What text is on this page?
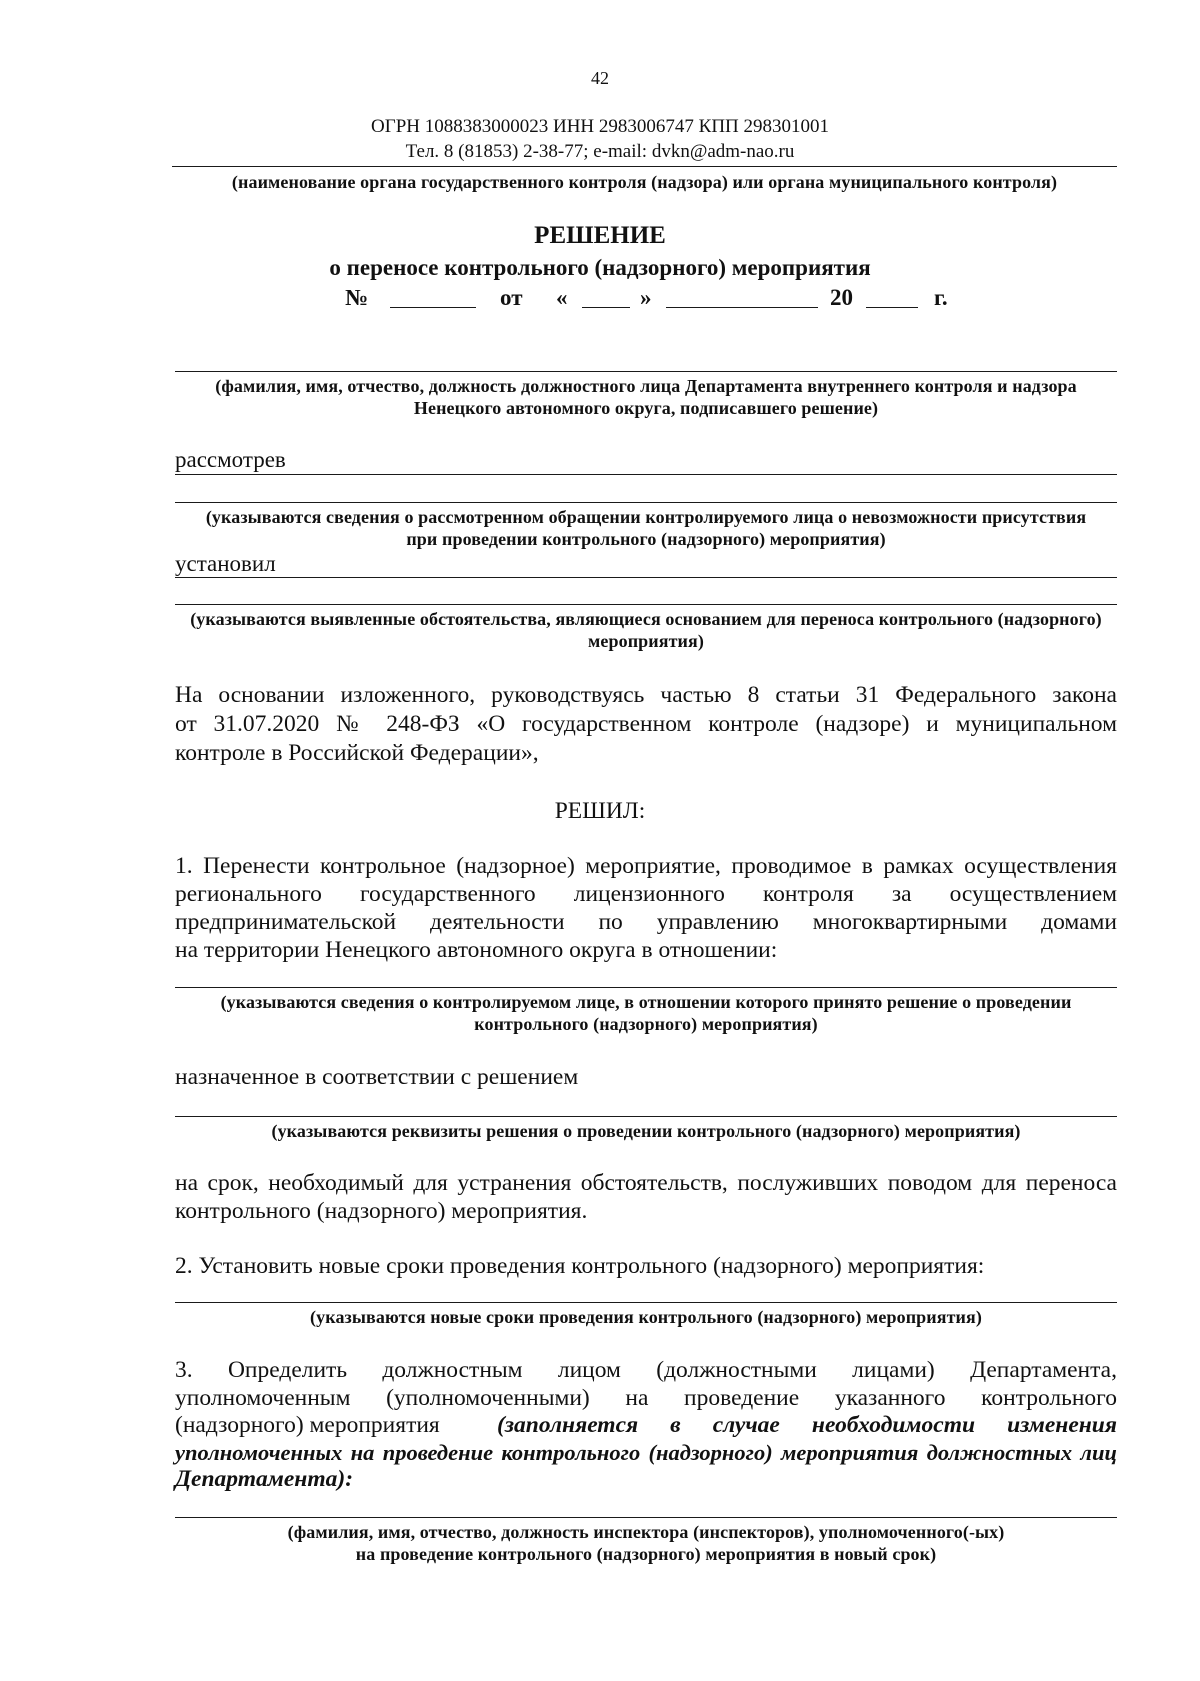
42
ОГРН 1088383000023 ИНН 2983006747 КПП 298301001
Тел. 8 (81853) 2-38-77; e-mail: dvkn@adm-nao.ru
(наименование органа государственного контроля (надзора) или органа муниципального контроля)
РЕШЕНИЕ
о переносе контрольного (надзорного) мероприятия
№	от «	»	20	г.
(фамилия, имя, отчество, должность должностного лица Департамента внутреннего контроля и надзора
Ненецкого автономного округа, подписавшего решение)
рассмотрев
(указываются сведения о рассмотренном обращении контролируемого лица о невозможности присутствия
при проведении контрольного (надзорного) мероприятия)
установил
(указываются выявленные обстоятельства, являющиеся основанием для переноса контрольного (надзорного)
мероприятия)
На основании изложенного, руководствуясь частью 8 статьи 31 Федерального закона
от 31.07.2020 № 248-ФЗ «О государственном контроле (надзоре) и муниципальном
контроле в Российской Федерации»,
РЕШИЛ:
1. Перенести контрольное (надзорное) мероприятие, проводимое в рамках осуществления
регионального государственного лицензионного контроля за осуществлением
предпринимательской деятельности по управлению многоквартирными домами
на территории Ненецкого автономного округа в отношении:
(указываются сведения о контролируемом лице, в отношении которого принято решение о проведении
контрольного (надзорного) мероприятия)
назначенное в соответствии с решением
(указываются реквизиты решения о проведении контрольного (надзорного) мероприятия)
на срок, необходимый для устранения обстоятельств, послуживших поводом для переноса
контрольного (надзорного) мероприятия.
2. Установить новые сроки проведения контрольного (надзорного) мероприятия:
(указываются новые сроки проведения контрольного (надзорного) мероприятия)
3. Определить должностным лицом (должностными лицами) Департамента,
уполномоченным (уполномоченными) на проведение указанного контрольного
(надзорного) мероприятия (заполняется в случае необходимости изменения
уполномоченных на проведение контрольного (надзорного) мероприятия должностных лиц
Департамента):
(фамилия, имя, отчество, должность инспектора (инспекторов), уполномоченного(-ых)
на проведение контрольного (надзорного) мероприятия в новый срок)
